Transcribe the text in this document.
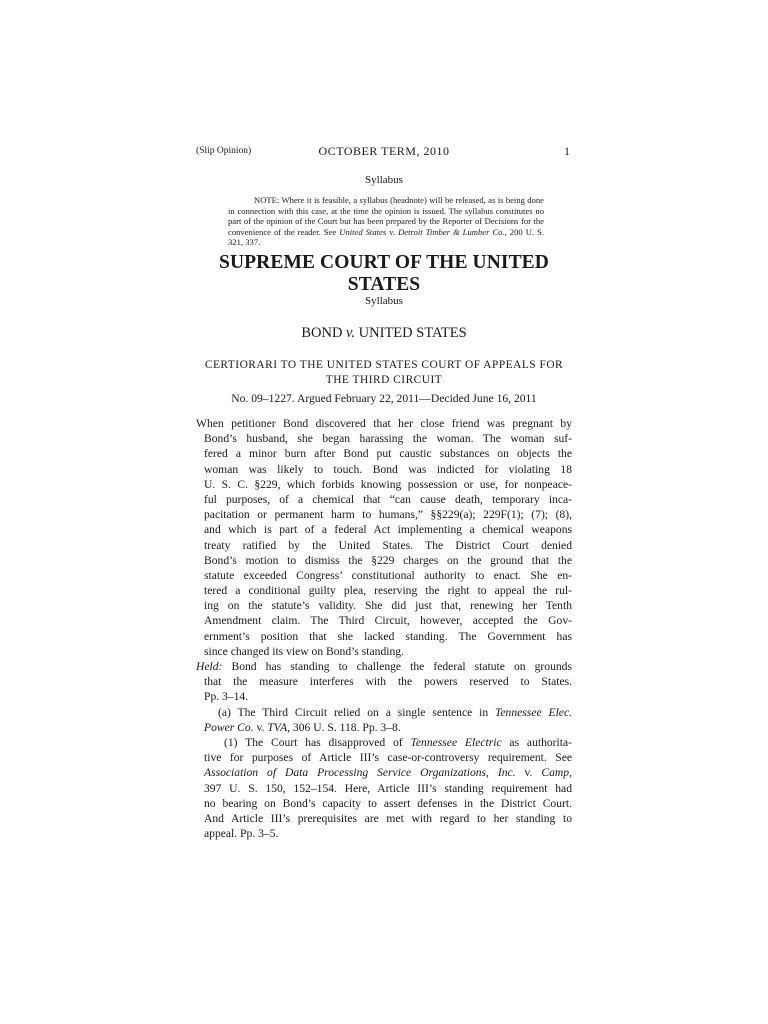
(Slip Opinion)	OCTOBER TERM, 2010	1
Syllabus
NOTE: Where it is feasible, a syllabus (headnote) will be released, as is being done in connection with this case, at the time the opinion is issued. The syllabus constitutes no part of the opinion of the Court but has been prepared by the Reporter of Decisions for the convenience of the reader. See United States v. Detroit Timber & Lumber Co., 200 U. S. 321, 337.
SUPREME COURT OF THE UNITED STATES
Syllabus
BOND v. UNITED STATES
CERTIORARI TO THE UNITED STATES COURT OF APPEALS FOR
THE THIRD CIRCUIT
No. 09–1227. Argued February 22, 2011—Decided June 16, 2011
When petitioner Bond discovered that her close friend was pregnant by
Bond’s husband, she began harassing the woman. The woman suf-
fered a minor burn after Bond put caustic substances on objects the
woman was likely to touch. Bond was indicted for violating 18
U. S. C. §229, which forbids knowing possession or use, for nonpeace-
ful purposes, of a chemical that “can cause death, temporary inca-
pacitation or permanent harm to humans,” §§229(a); 229F(1); (7); (8),
and which is part of a federal Act implementing a chemical weapons
treaty ratified by the United States. The District Court denied
Bond’s motion to dismiss the §229 charges on the ground that the
statute exceeded Congress’ constitutional authority to enact. She en-
tered a conditional guilty plea, reserving the right to appeal the rul-
ing on the statute’s validity. She did just that, renewing her Tenth
Amendment claim. The Third Circuit, however, accepted the Gov-
ernment’s position that she lacked standing. The Government has
since changed its view on Bond’s standing.
Held: Bond has standing to challenge the federal statute on grounds
that the measure interferes with the powers reserved to States.
Pp. 3–14.
(a) The Third Circuit relied on a single sentence in Tennessee Elec.
Power Co. v. TVA, 306 U. S. 118. Pp. 3–8.
(1) The Court has disapproved of Tennessee Electric as authorita-
tive for purposes of Article III’s case-or-controversy requirement. See
Association of Data Processing Service Organizations, Inc. v. Camp,
397 U. S. 150, 152–154. Here, Article III’s standing requirement had
no bearing on Bond’s capacity to assert defenses in the District Court.
And Article III’s prerequisites are met with regard to her standing to
appeal. Pp. 3–5.
